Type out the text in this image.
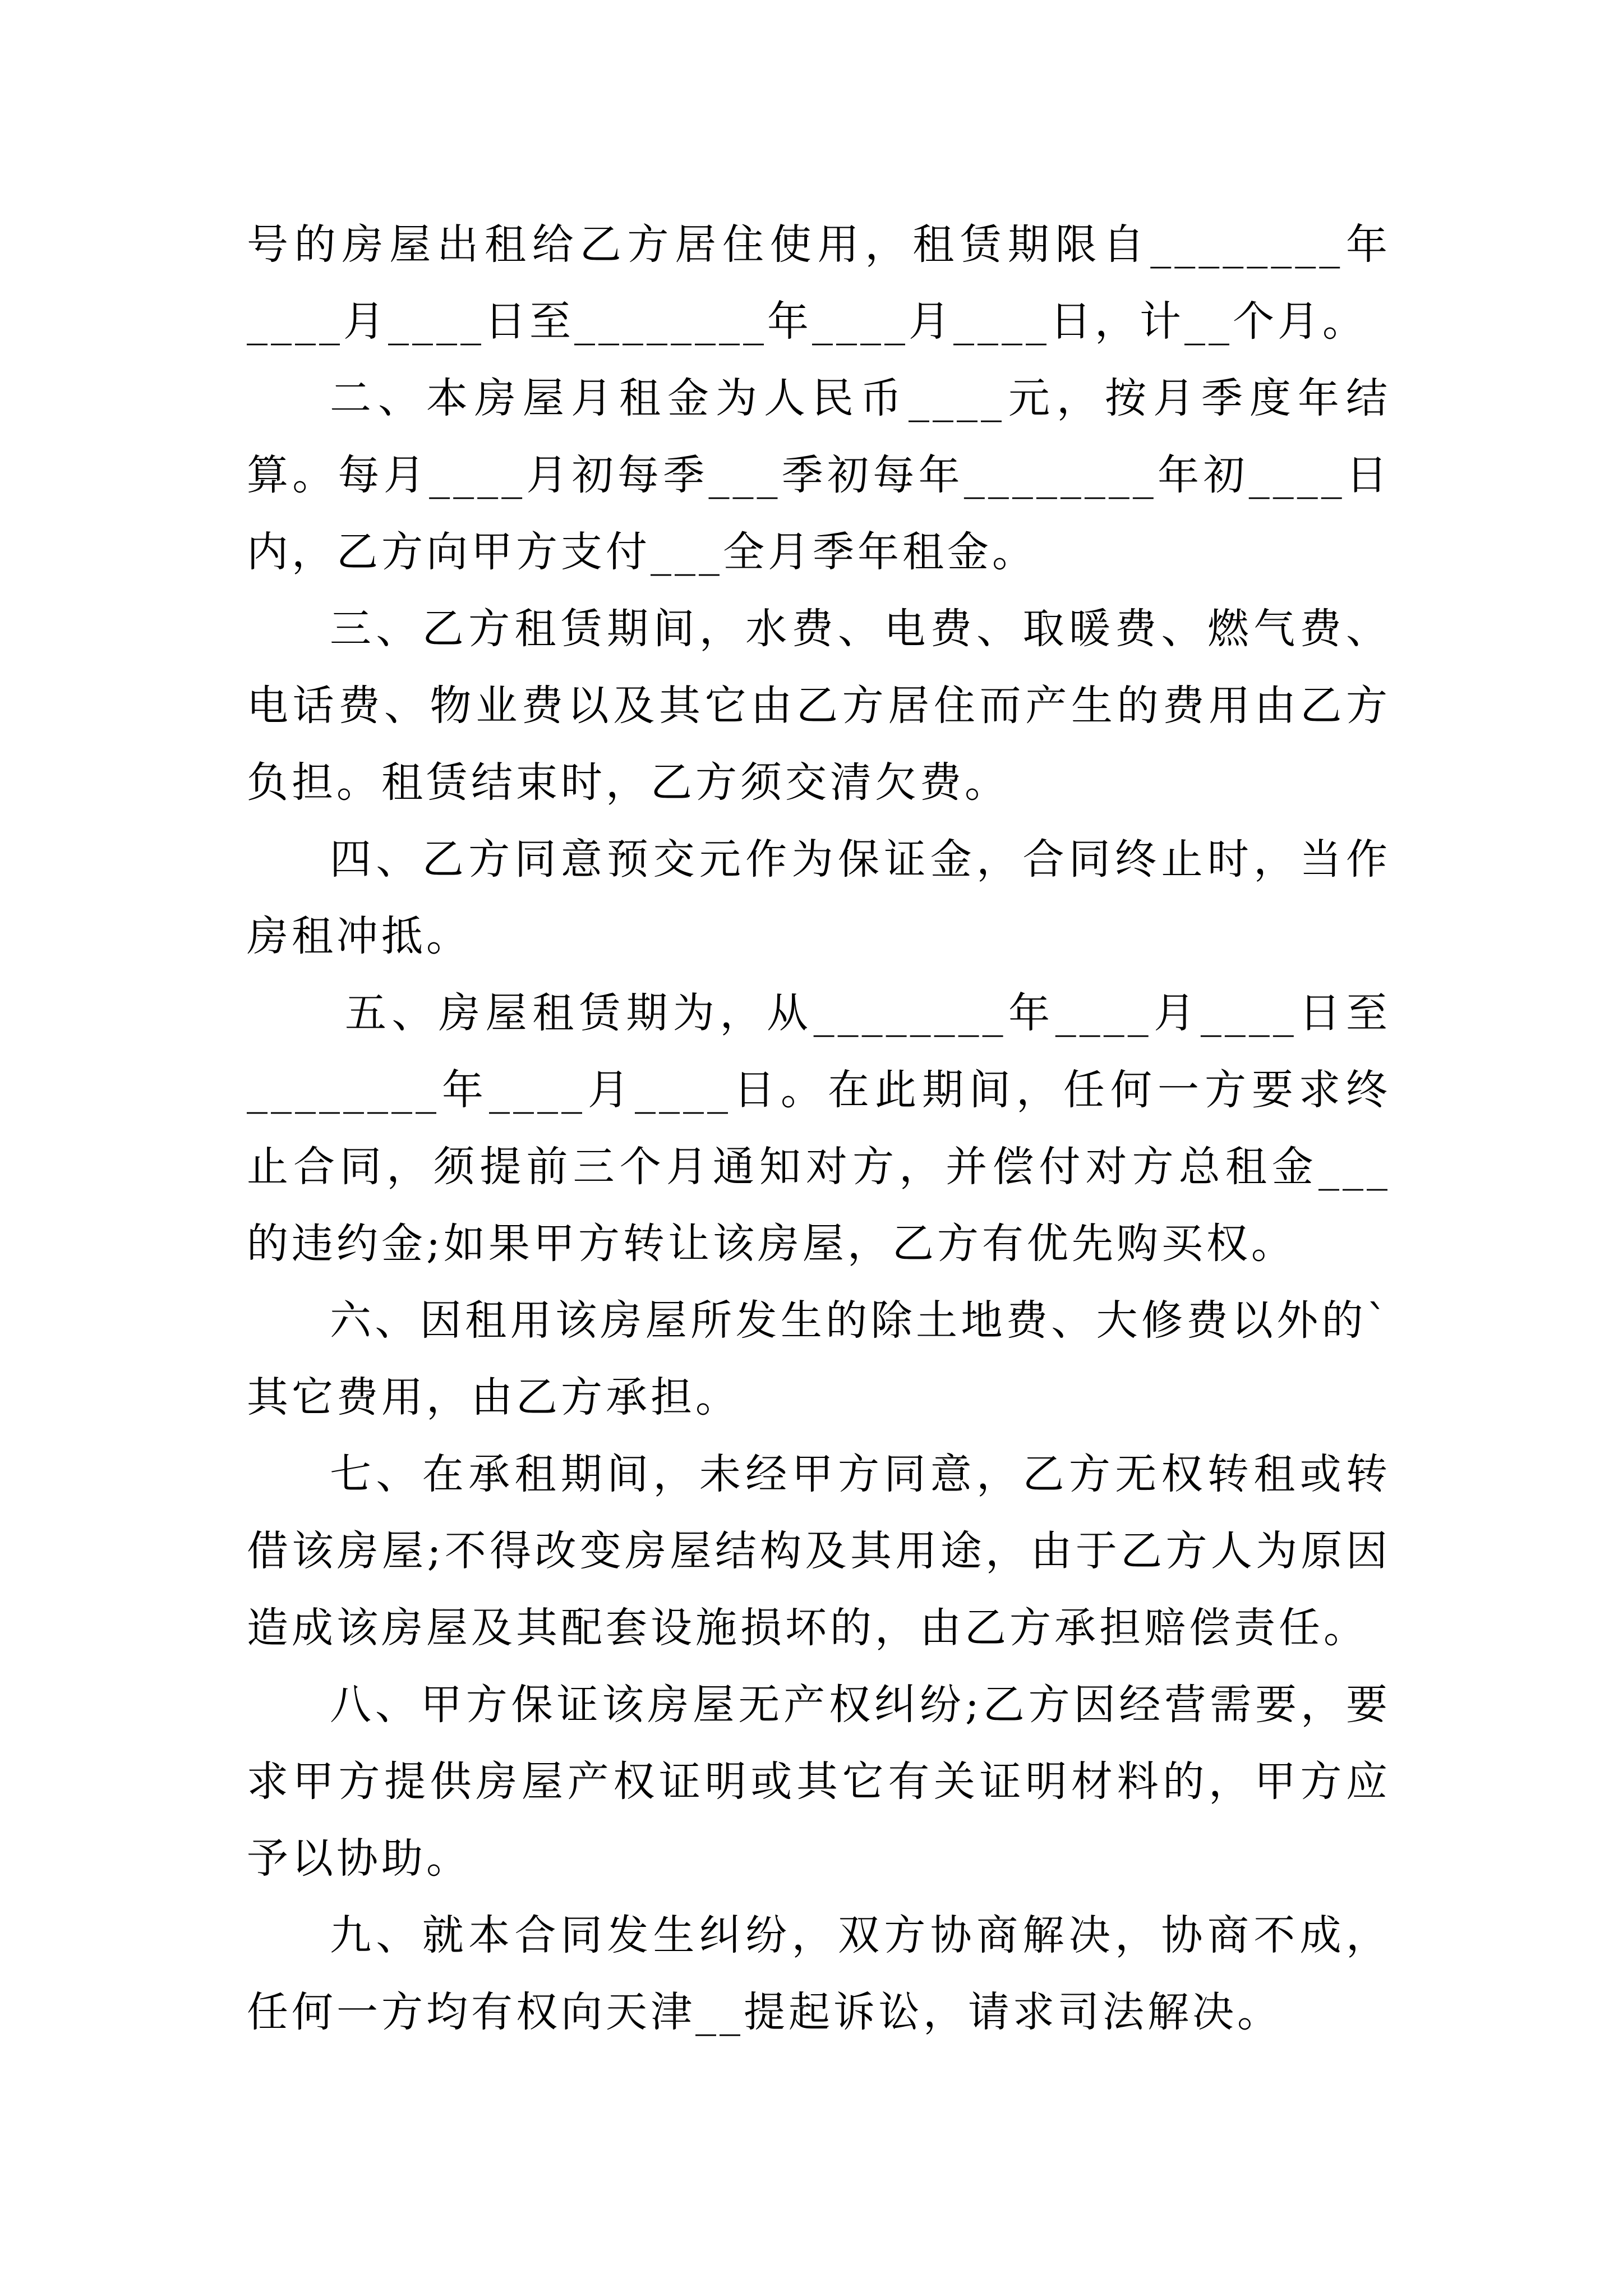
号的房屋出租给乙方居住使用，租赁期限自________年____月____日至________年____月____日，计__个月。

二、本房屋月租金为人民币____元，按月季度年结算。每月____月初每季___季初每年________年初____日内，乙方向甲方支付___全月季年租金。

三、乙方租赁期间，水费、电费、取暖费、燃气费、电话费、物业费以及其它由乙方居住而产生的费用由乙方负担。租赁结束时，乙方须交清欠费。

四、乙方同意预交元作为保证金，合同终止时，当作房租冲抵。

五、房屋租赁期为，从________年____月____日至________年____月____日。在此期间，任何一方要求终止合同，须提前三个月通知对方，并偿付对方总租金___的违约金;如果甲方转让该房屋，乙方有优先购买权。

六、因租用该房屋所发生的除土地费、大修费以外的`其它费用，由乙方承担。

七、在承租期间，未经甲方同意，乙方无权转租或转借该房屋;不得改变房屋结构及其用途，由于乙方人为原因造成该房屋及其配套设施损坏的，由乙方承担赔偿责任。

八、甲方保证该房屋无产权纠纷;乙方因经营需要，要求甲方提供房屋产权证明或其它有关证明材料的，甲方应予以协助。

九、就本合同发生纠纷，双方协商解决，协商不成，任何一方均有权向天津__提起诉讼，请求司法解决。
